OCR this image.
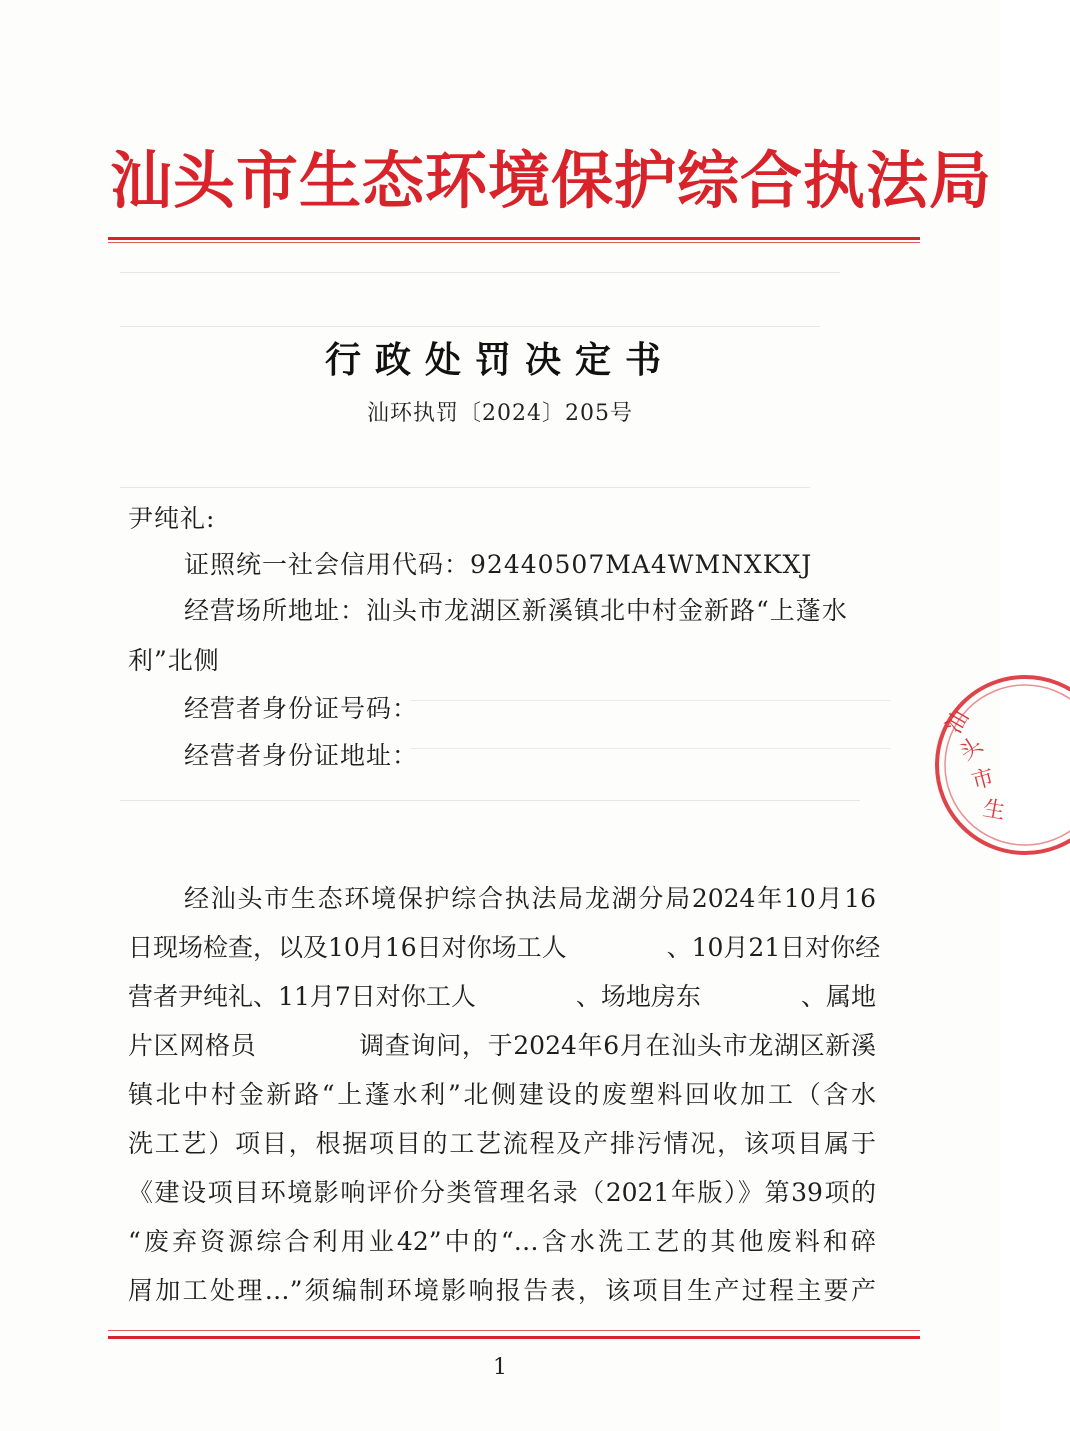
汕头市生态环境保护综合执法局
行政处罚决定书
汕环执罚〔2024〕205号
尹纯礼:
证照统一社会信用代码：92440507MA4WMNXKXJ
经营场所地址：汕头市龙湖区新溪镇北中村金新路“上蓬水
利”北侧
经营者身份证号码：
经营者身份证地址：
经汕头市生态环境保护综合执法局龙湖分局2024年10月16
日现场检查，以及10月16日对你场工人　　　　、10月21日对你经
营者尹纯礼、11月7日对你工人　　　　、场地房东　　　　、属地
片区网格员　　　　调查询问，于2024年6月在汕头市龙湖区新溪
镇北中村金新路“上蓬水利”北侧建设的废塑料回收加工（含水
洗工艺）项目，根据项目的工艺流程及产排污情况，该项目属于
《建设项目环境影响评价分类管理名录（2021年版）》第39项的
“废弃资源综合利用业42”中的“…含水洗工艺的其他废料和碎
屑加工处理…”须编制环境影响报告表，该项目生产过程主要产
1
汕
头
市
生
